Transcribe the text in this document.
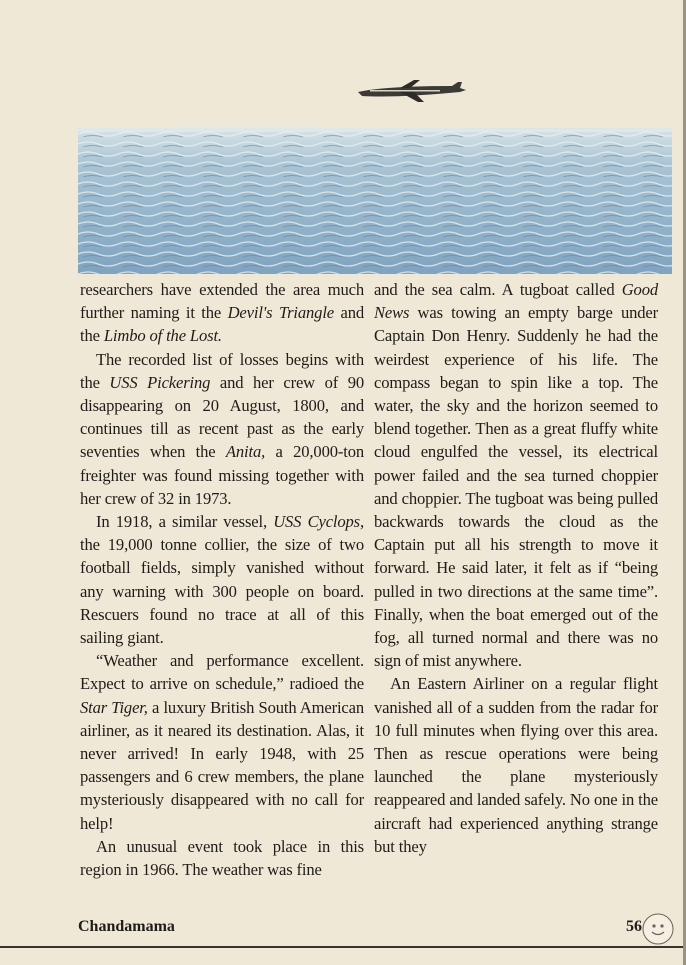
researchers have extended the area much further naming it the Devil's Triangle and the Limbo of the Lost.

The recorded list of losses begins with the USS Pickering and her crew of 90 disappearing on 20 August, 1800, and continues till as recent past as the early seventies when the Anita, a 20,000-ton freighter was found missing together with her crew of 32 in 1973.

In 1918, a similar vessel, USS Cyclops, the 19,000 tonne collier, the size of two football fields, simply vanished without any warning with 300 people on board. Rescuers found no trace at all of this sailing giant.

“Weather and performance excellent. Expect to arrive on schedule,” radioed the Star Tiger, a luxury British South American airliner, as it neared its destination. Alas, it never arrived! In early 1948, with 25 passengers and 6 crew members, the plane mysteriously disappeared with no call for help!

An unusual event took place in this region in 1966. The weather was fine

and the sea calm. A tugboat called Good News was towing an empty barge under Captain Don Henry. Suddenly he had the weirdest experience of his life. The compass began to spin like a top. The water, the sky and the horizon seemed to blend together. Then as a great fluffy white cloud engulfed the vessel, its electrical power failed and the sea turned choppier and choppier. The tugboat was being pulled backwards towards the cloud as the Captain put all his strength to move it forward. He said later, it felt as if “being pulled in two directions at the same time”. Finally, when the boat emerged out of the fog, all turned normal and there was no sign of mist anywhere.

An Eastern Airliner on a regular flight vanished all of a sudden from the radar for 10 full minutes when flying over this area. Then as rescue operations were being launched the plane mysteriously reappeared and landed safely. No one in the aircraft had experienced anything strange but they

Chandamama	56
